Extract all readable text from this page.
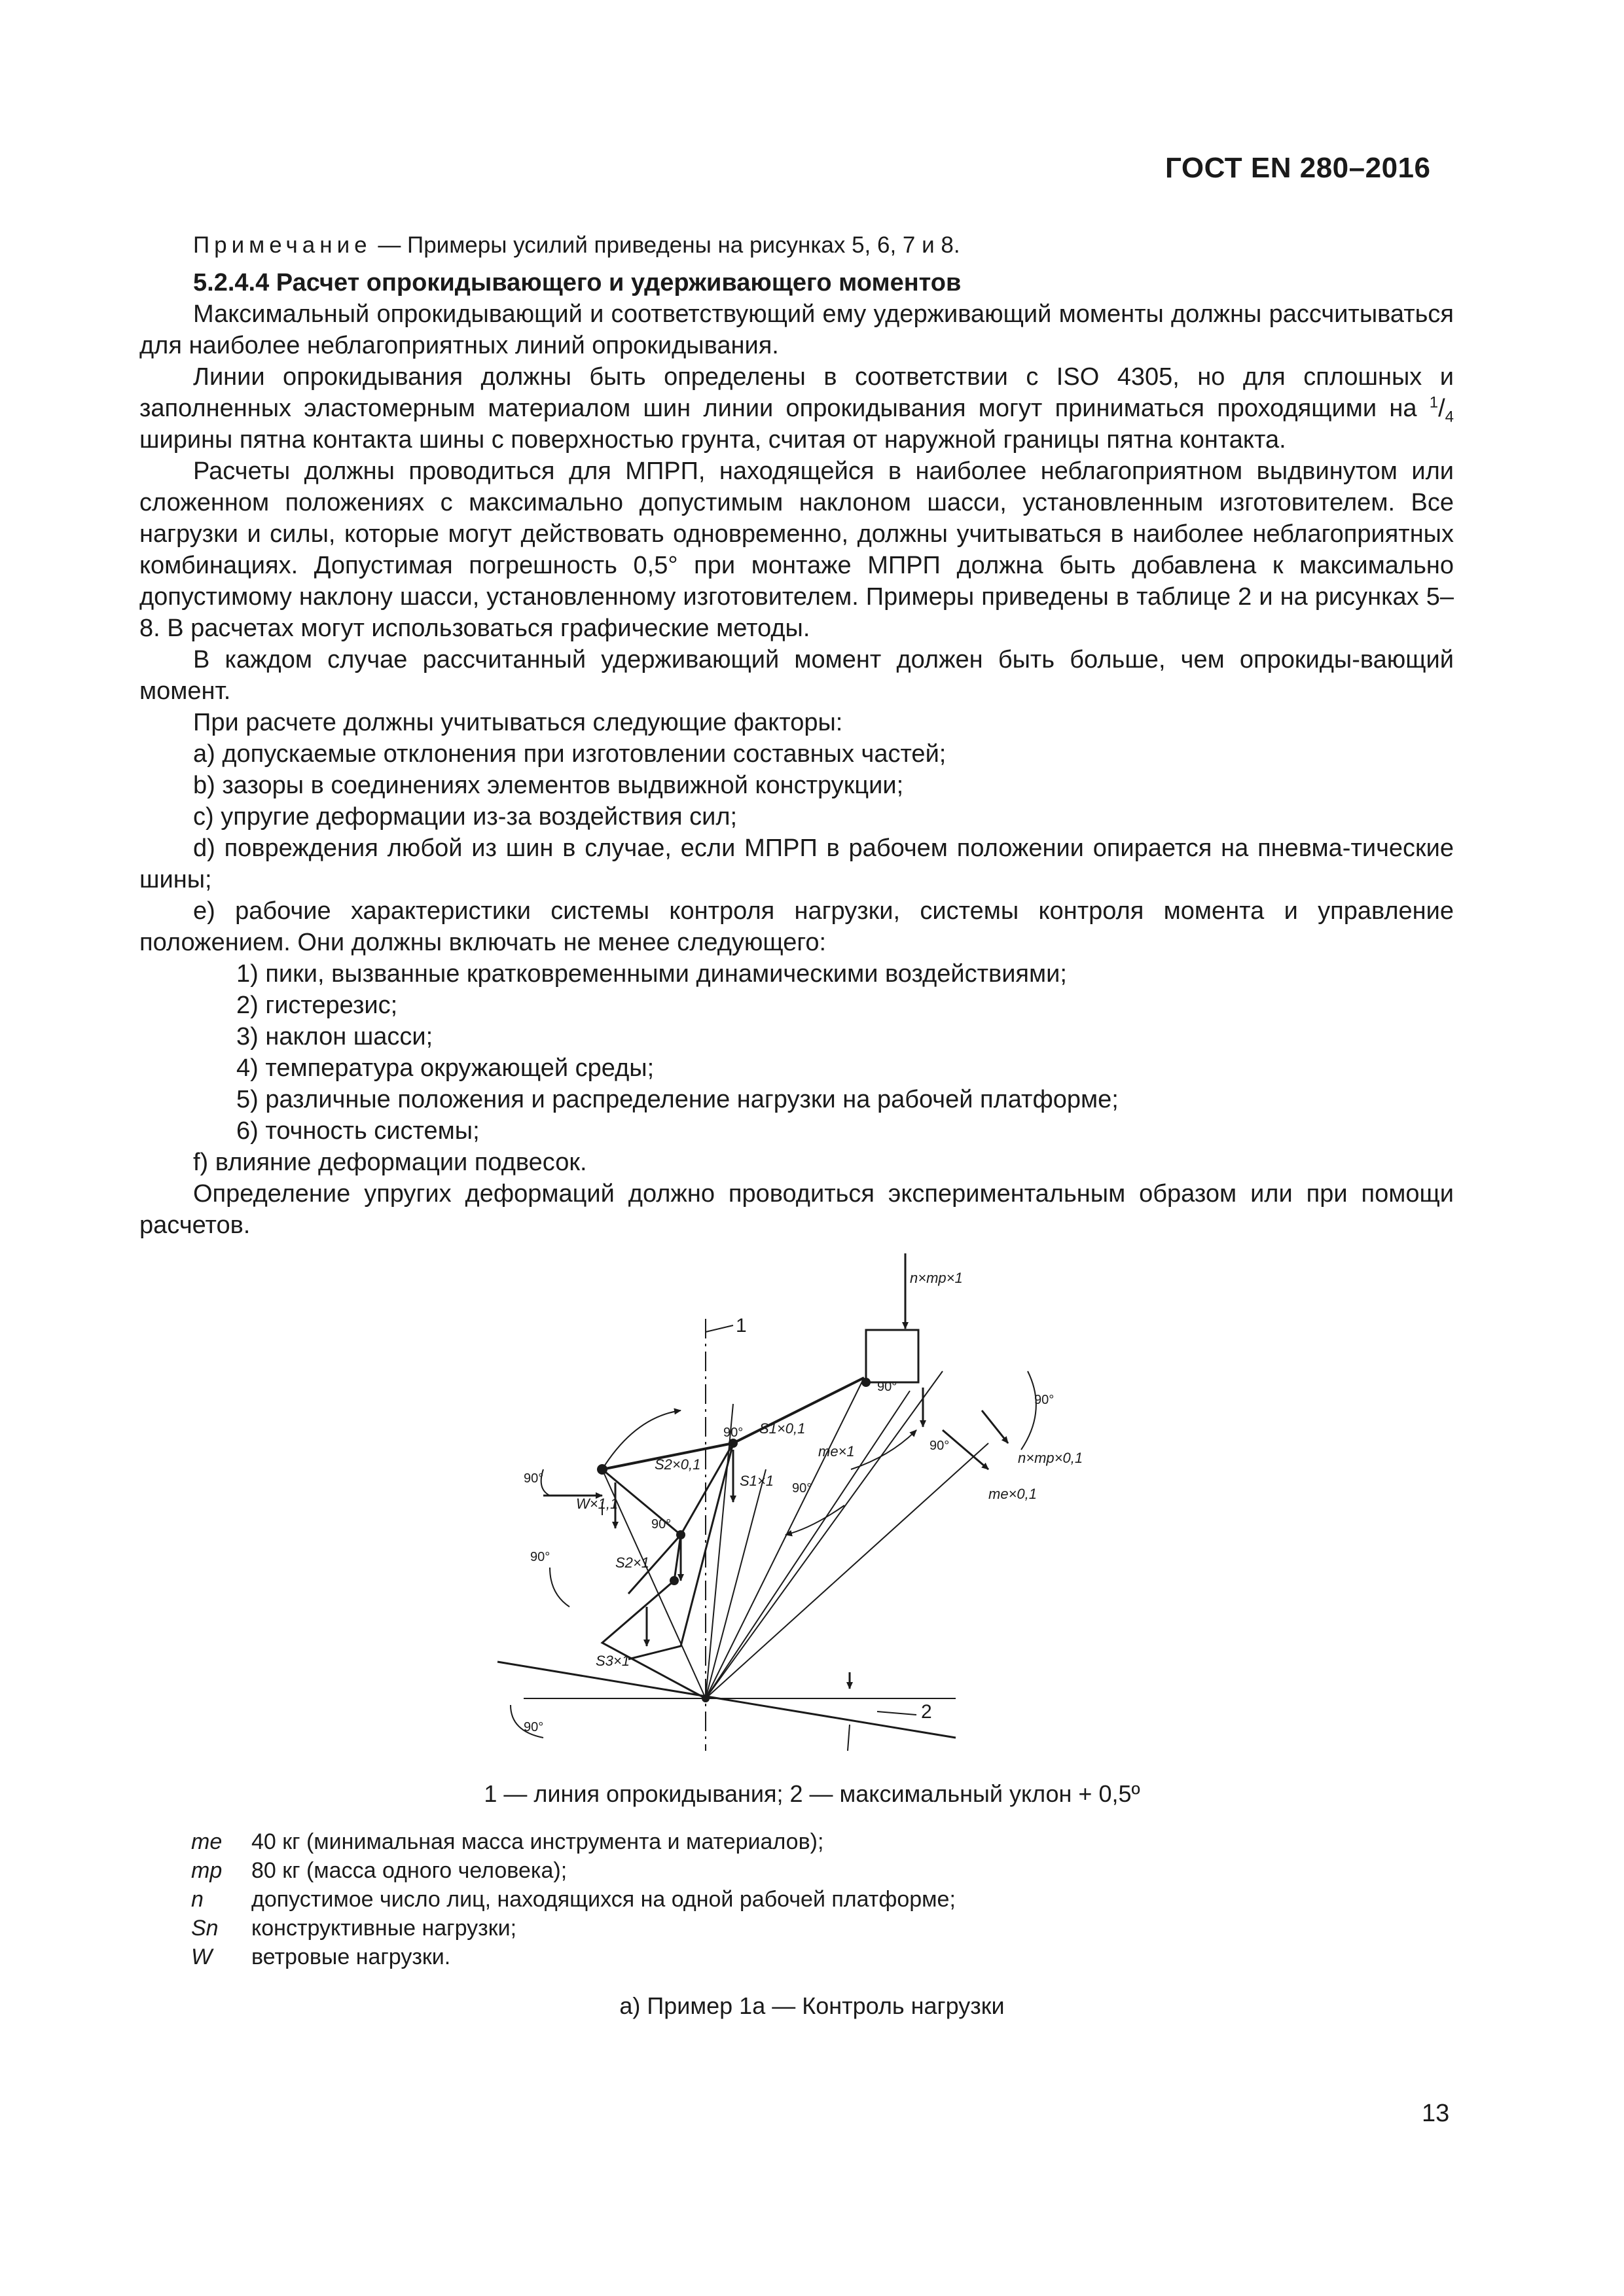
ГОСТ EN 280–2016

Примечание — Примеры усилий приведены на рисунках 5, 6, 7 и 8.

5.2.4.4 Расчет опрокидывающего и удерживающего моментов

Максимальный опрокидывающий и соответствующий ему удерживающий моменты должны рассчитываться для наиболее неблагоприятных линий опрокидывания.

Линии опрокидывания должны быть определены в соответствии с ISO 4305, но для сплошных и заполненных эластомерным материалом шин линии опрокидывания могут приниматься проходящими на $^1/_4$ ширины пятна контакта шины с поверхностью грунта, считая от наружной границы пятна контакта.

Расчеты должны проводиться для МПРП, находящейся в наиболее неблагоприятном выдвинутом или сложенном положениях с максимально допустимым наклоном шасси, установленным изготовителем. Все нагрузки и силы, которые могут действовать одновременно, должны учитываться в наиболее неблагоприятных комбинациях. Допустимая погрешность 0,5° при монтаже МПРП должна быть добавлена к максимально допустимому наклону шасси, установленному изготовителем. Примеры приведены в таблице 2 и на рисунках 5–8. В расчетах могут использоваться графические методы.

В каждом случае рассчитанный удерживающий момент должен быть больше, чем опрокиды-вающий момент.

При расчете должны учитываться следующие факторы:

a) допускаемые отклонения при изготовлении составных частей;

b) зазоры в соединениях элементов выдвижной конструкции;

c) упругие деформации из-за воздействия сил;

d) повреждения любой из шин в случае, если МПРП в рабочем положении опирается на пневма-тические шины;

e) рабочие характеристики системы контроля нагрузки, системы контроля момента и управление положением. Они должны включать не менее следующего:

1) пики, вызванные кратковременными динамическими воздействиями;

2) гистерезис;

3) наклон шасси;

4) температура окружающей среды;

5) различные положения и распределение нагрузки на рабочей платформе;

6) точность системы;

f) влияние деформации подвесок.

Определение упругих деформаций должно проводиться экспериментальным образом или при помощи расчетов.

1
2
n×mp×1
n×mp×0,1
me×1
me×0,1
S1×0,1
S1×1
S2×0,1
S2×1
S3×1
W×1,1
90°
90°
90°
90°
90°
90°
90°
90°
90°
1 — линия опрокидывания; 2 — максимальный уклон + 0,5º
me	40 кг (минимальная масса инструмента и материалов);
mp	80 кг (масса одного человека);
n	допустимое число лиц, находящихся на одной рабочей платформе;
Sn	конструктивные нагрузки;
W	ветровые нагрузки.
а) Пример 1а — Контроль нагрузки
13
